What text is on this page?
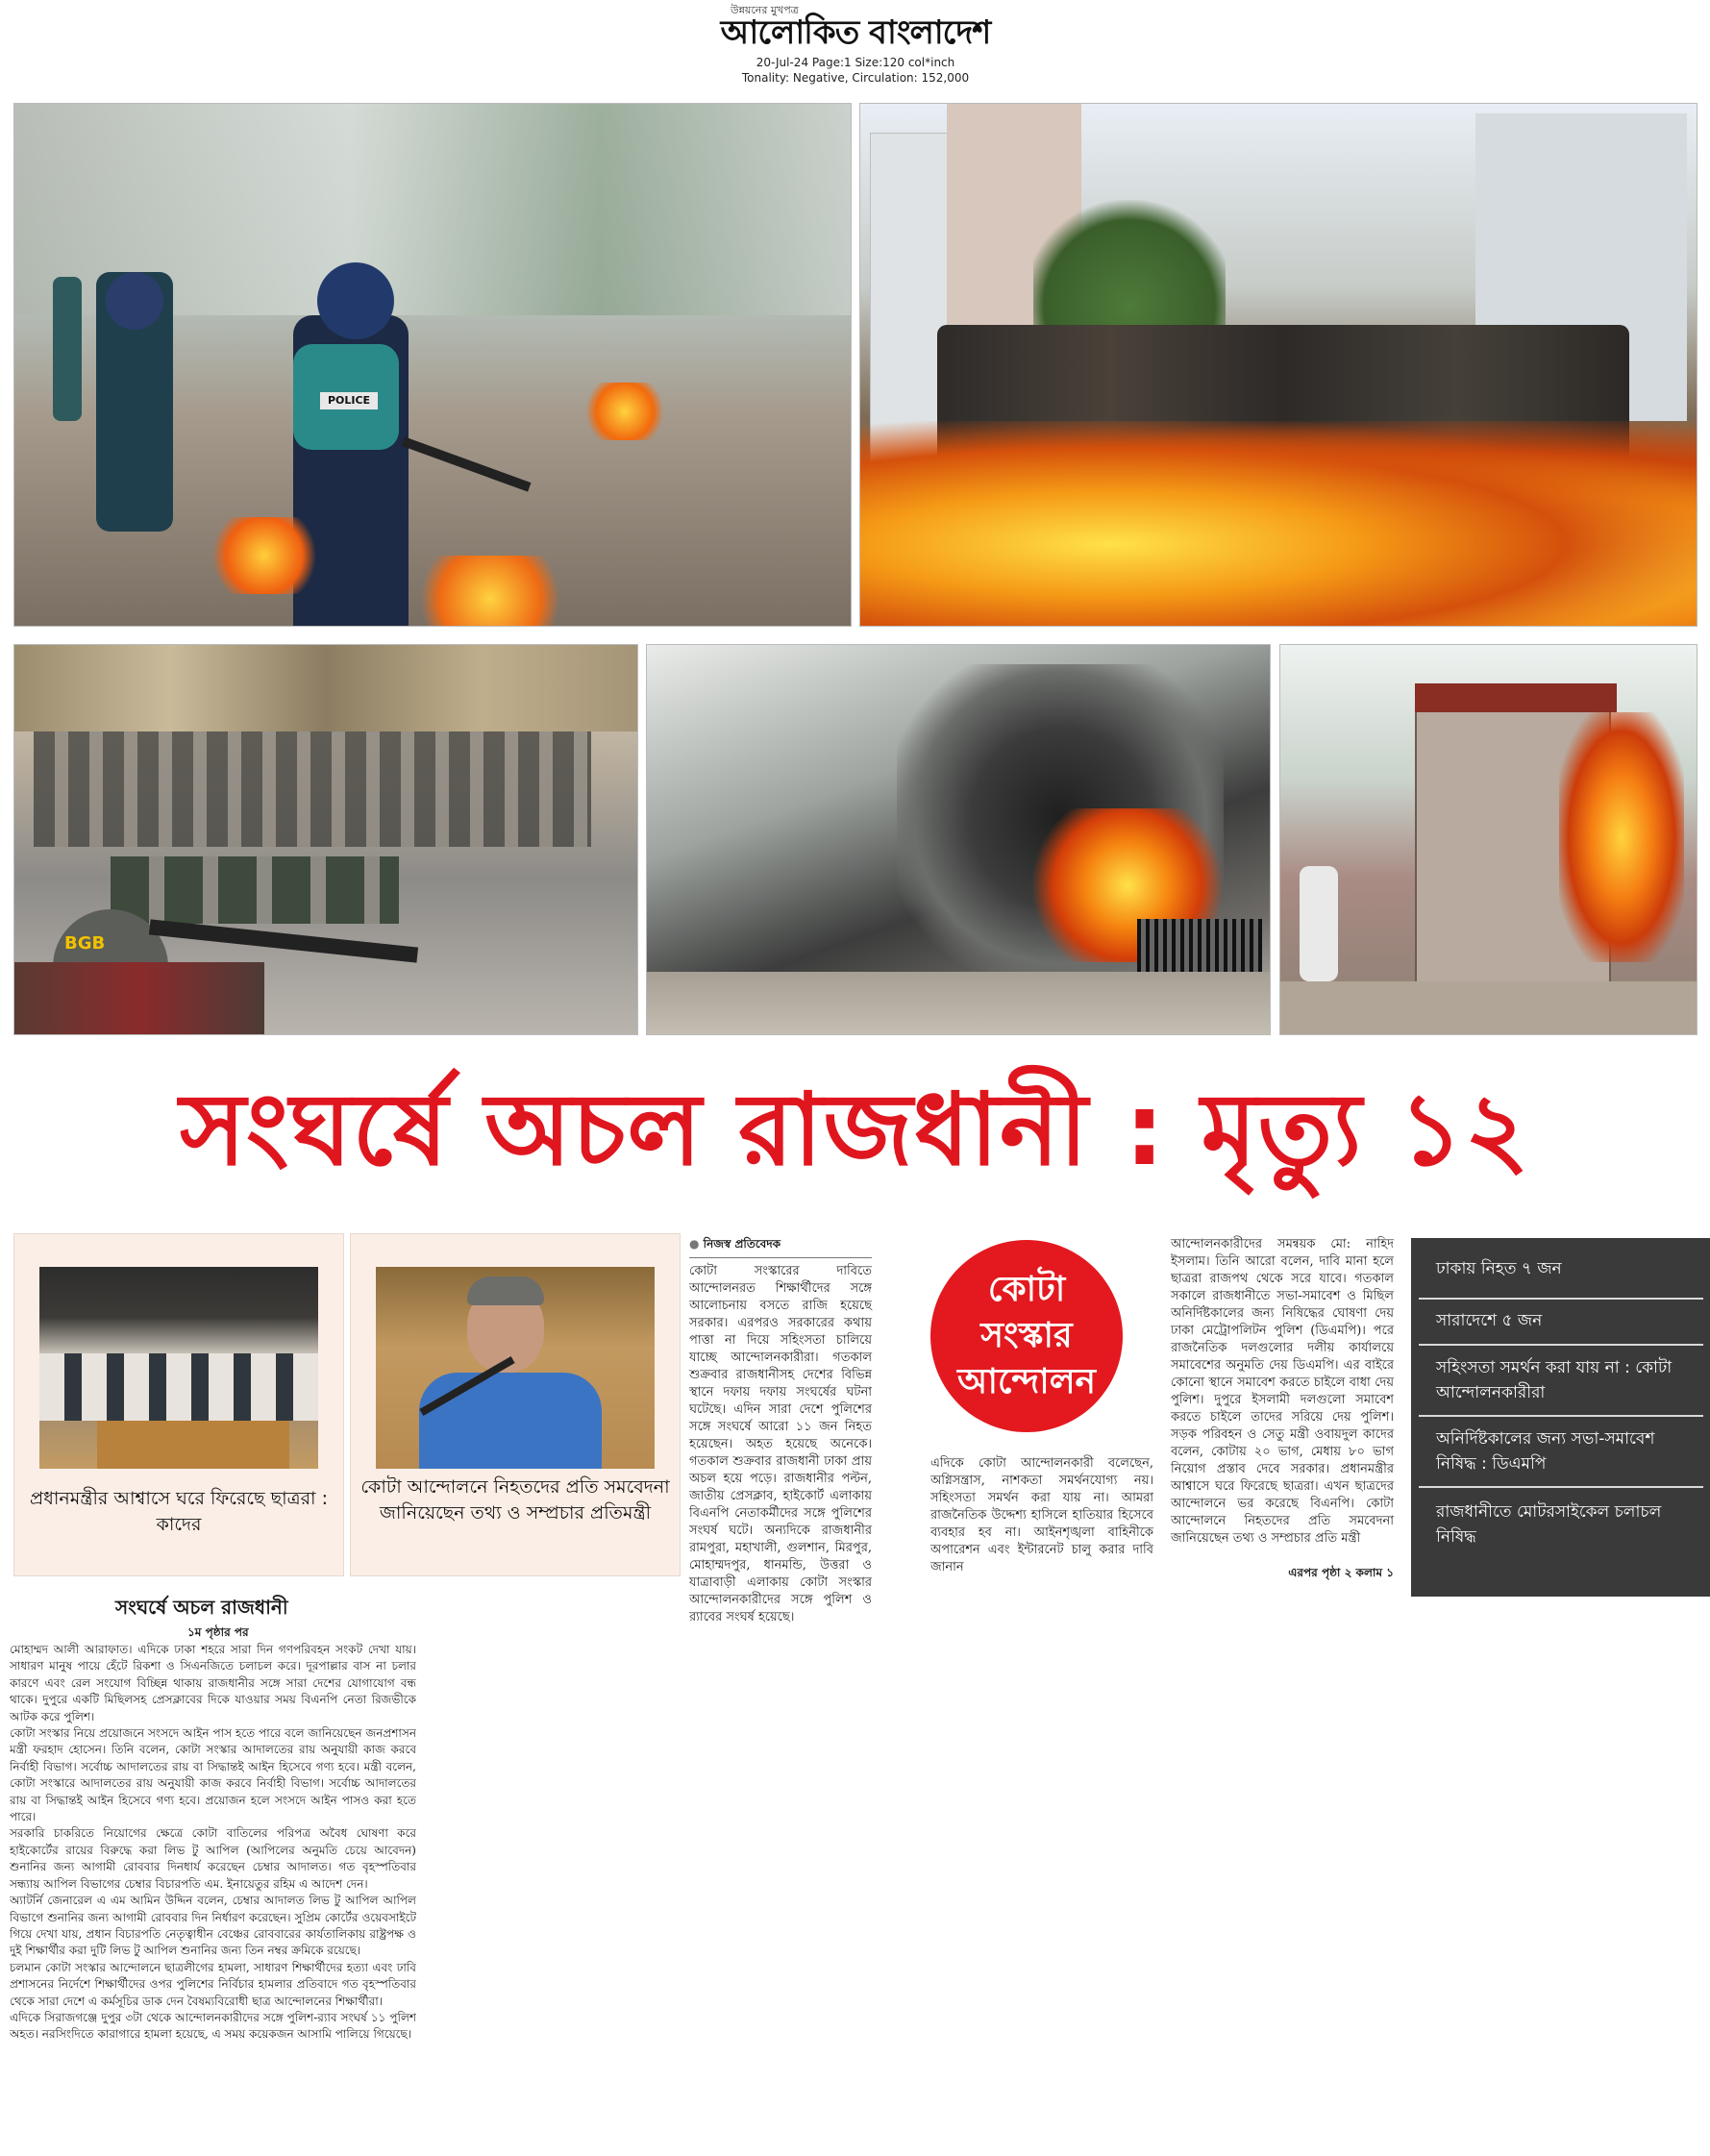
উন্নয়নের মুখপত্র
আলোকিত বাংলাদেশ
20-Jul-24 Page:1 Size:120 col*inch
Tonality: Negative, Circulation: 152,000
POLICE
BGB
সংঘর্ষে অচল রাজধানী : মৃত্যু ১২
প্রধানমন্ত্রীর আশ্বাসে ঘরে ফিরেছে ছাত্ররা : কাদের
কোটা আন্দোলনে নিহতদের প্রতি সমবেদনা জানিয়েছেন তথ্য ও সম্প্রচার প্রতিমন্ত্রী
● নিজস্ব প্রতিবেদক
কোটা সংস্কারের দাবিতে আন্দোলনরত শিক্ষার্থীদের সঙ্গে আলোচনায় বসতে রাজি হয়েছে সরকার। এরপরও সরকারের কথায় পাত্তা না দিয়ে সহিংসতা চালিয়ে যাচ্ছে আন্দোলনকারীরা। গতকাল শুক্রবার রাজধানীসহ দেশের বিভিন্ন স্থানে দফায় দফায় সংঘর্ষের ঘটনা ঘটেছে। এদিন সারা দেশে পুলিশের সঙ্গে সংঘর্ষে আরো ১১ জন নিহত হয়েছেন। অহত হয়েছে অনেকে। গতকাল শুক্রবার রাজধানী ঢাকা প্রায় অচল হয়ে পড়ে। রাজধানীর পল্টন, জাতীয় প্রেসক্লাব, হাইকোর্ট এলাকায় বিএনপি নেতাকর্মীদের সঙ্গে পুলিশের সংঘর্ষ ঘটে। অন্যদিকে রাজধানীর রামপুরা, মহাখালী, গুলশান, মিরপুর, মোহাম্মদপুর, ধানমন্ডি, উত্তরা ও যাত্রাবাড়ী এলাকায় কোটা সংস্কার আন্দোলনকারীদের সঙ্গে পুলিশ ও র‍্যাবের সংঘর্ষ হয়েছে।
কোটা
সংস্কার
আন্দোলন
এদিকে কোটা আন্দোলনকারী বলেছেন, অগ্নিসন্ত্রাস, নাশকতা সমর্থনযোগ্য নয়। সহিংসতা সমর্থন করা যায় না। আমরা রাজনৈতিক উদ্দেশ্য হাসিলে হাতিয়ার হিসেবে ব্যবহার হব না। আইনশৃঙ্খলা বাহিনীকে অপারেশন এবং ইন্টারনেট চালু করার দাবি জানান
আন্দোলনকারীদের সমন্বয়ক মো: নাহিদ ইসলাম। তিনি আরো বলেন, দাবি মানা হলে ছাত্ররা রাজপথ থেকে সরে যাবে। গতকাল সকালে রাজধানীতে সভা-সমাবেশ ও মিছিল অনির্দিষ্টকালের জন্য নিষিদ্ধের ঘোষণা দেয় ঢাকা মেট্রোপলিটন পুলিশ (ডিএমপি)। পরে রাজনৈতিক দলগুলোর দলীয় কার্যালয়ে সমাবেশের অনুমতি দেয় ডিএমপি। এর বাইরে কোনো স্থানে সমাবেশ করতে চাইলে বাধা দেয় পুলিশ। দুপুরে ইসলামী দলগুলো সমাবেশ করতে চাইলে তাদের সরিয়ে দেয় পুলিশ। সড়ক পরিবহন ও সেতু মন্ত্রী ওবায়দুল কাদের বলেন, কোটায় ২০ ভাগ, মেধায় ৮০ ভাগ নিয়োগ প্রস্তাব দেবে সরকার। প্রধানমন্ত্রীর আশ্বাসে ঘরে ফিরেছে ছাত্ররা। এখন ছাত্রদের আন্দোলনে ভর করেছে বিএনপি। কোটা আন্দোলনে নিহতদের প্রতি সমবেদনা জানিয়েছেন তথ্য ও সম্প্রচার প্রতি মন্ত্রী
এরপর পৃষ্ঠা ২ কলাম ১
ঢাকায় নিহত ৭ জন
সারাদেশে ৫ জন
সহিংসতা সমর্থন করা যায় না : কোটা আন্দোলনকারীরা
অনির্দিষ্টকালের জন্য সভা-সমাবেশ নিষিদ্ধ : ডিএমপি
রাজধানীতে মোটরসাইকেল চলাচল নিষিদ্ধ
সংঘর্ষে অচল রাজধানী
১ম পৃষ্ঠার পর

মোহাম্মদ আলী আরাফাত। এদিকে ঢাকা শহরে সারা দিন গণপরিবহন সংকট দেখা যায়। সাধারণ মানুষ পায়ে হেঁটে রিকশা ও সিএনজিতে চলাচল করে। দূরপাল্লার বাস না চলার কারণে এবং রেল সংযোগ বিচ্ছিন্ন থাকায় রাজধানীর সঙ্গে সারা দেশের যোগাযোগ বন্ধ থাকে। দুপুরে একটি মিছিলসহ প্রেসক্লাবের দিকে যাওয়ার সময় বিএনপি নেতা রিজভীকে আটক করে পুলিশ।

কোটা সংস্কার নিয়ে প্রয়োজনে সংসদে আইন পাস হতে পারে বলে জানিয়েছেন জনপ্রশাসন মন্ত্রী ফরহাদ হোসেন। তিনি বলেন, কোটা সংস্কার আদালতের রায় অনুযায়ী কাজ করবে নির্বাহী বিভাগ। সর্বোচ্চ আদালতের রায় বা সিদ্ধান্তই আইন হিসেবে গণ্য হবে। মন্ত্রী বলেন, কোটা সংস্কারে আদালতের রায় অনুযায়ী কাজ করবে নির্বাহী বিভাগ। সর্বোচ্চ আদালতের রায় বা সিদ্ধান্তই আইন হিসেবে গণ্য হবে। প্রয়োজন হলে সংসদে আইন পাসও করা হতে পারে।

সরকারি চাকরিতে নিয়োগের ক্ষেত্রে কোটা বাতিলের পরিপত্র অবৈধ ঘোষণা করে হাইকোর্টের রায়ের বিরুদ্ধে করা লিভ টু আপিল (আপিলের অনুমতি চেয়ে আবেদন) শুনানির জন্য আগামী রোববার দিনধার্য করেছেন চেম্বার আদালত। গত বৃহস্পতিবার সন্ধ্যায় আপিল বিভাগের চেম্বার বিচারপতি এম. ইনায়েতুর রহিম এ আদেশ দেন।

অ্যাটর্নি জেনারেল এ এম আমিন উদ্দিন বলেন, চেম্বার আদালত লিভ টু আপিল আপিল বিভাগে শুনানির জন্য আগামী রোববার দিন নির্ধারণ করেছেন। সুপ্রিম কোর্টের ওয়েবসাইটে গিয়ে দেখা যায়, প্রধান বিচারপতি নেতৃত্বাধীন বেঞ্চের রোববারের কার্যতালিকায় রাষ্ট্রপক্ষ ও দুই শিক্ষার্থীর করা দুটি লিভ টু আপিল শুনানির জন্য তিন নম্বর ক্রমিকে রয়েছে।

চলমান কোটা সংস্কার আন্দোলনে ছাত্রলীগের হামলা, সাধারণ শিক্ষার্থীদের হত্যা এবং ঢাবি প্রশাসনের নির্দেশে শিক্ষার্থীদের ওপর পুলিশের নির্বিচার হামলার প্রতিবাদে গত বৃহস্পতিবার থেকে সারা দেশে এ কর্মসূচির ডাক দেন বৈষম্যবিরোধী ছাত্র আন্দোলনের শিক্ষার্থীরা।

এদিকে সিরাজগঞ্জে দুপুর ৩টা থেকে আন্দোলনকারীদের সঙ্গে পুলিশ-র‍্যাব সংঘর্ষ ১১ পুলিশ অহত। নরসিংদিতে কারাগারে হামলা হয়েছে, এ সময় কয়েকজন আসামি পালিয়ে গিয়েছে।
